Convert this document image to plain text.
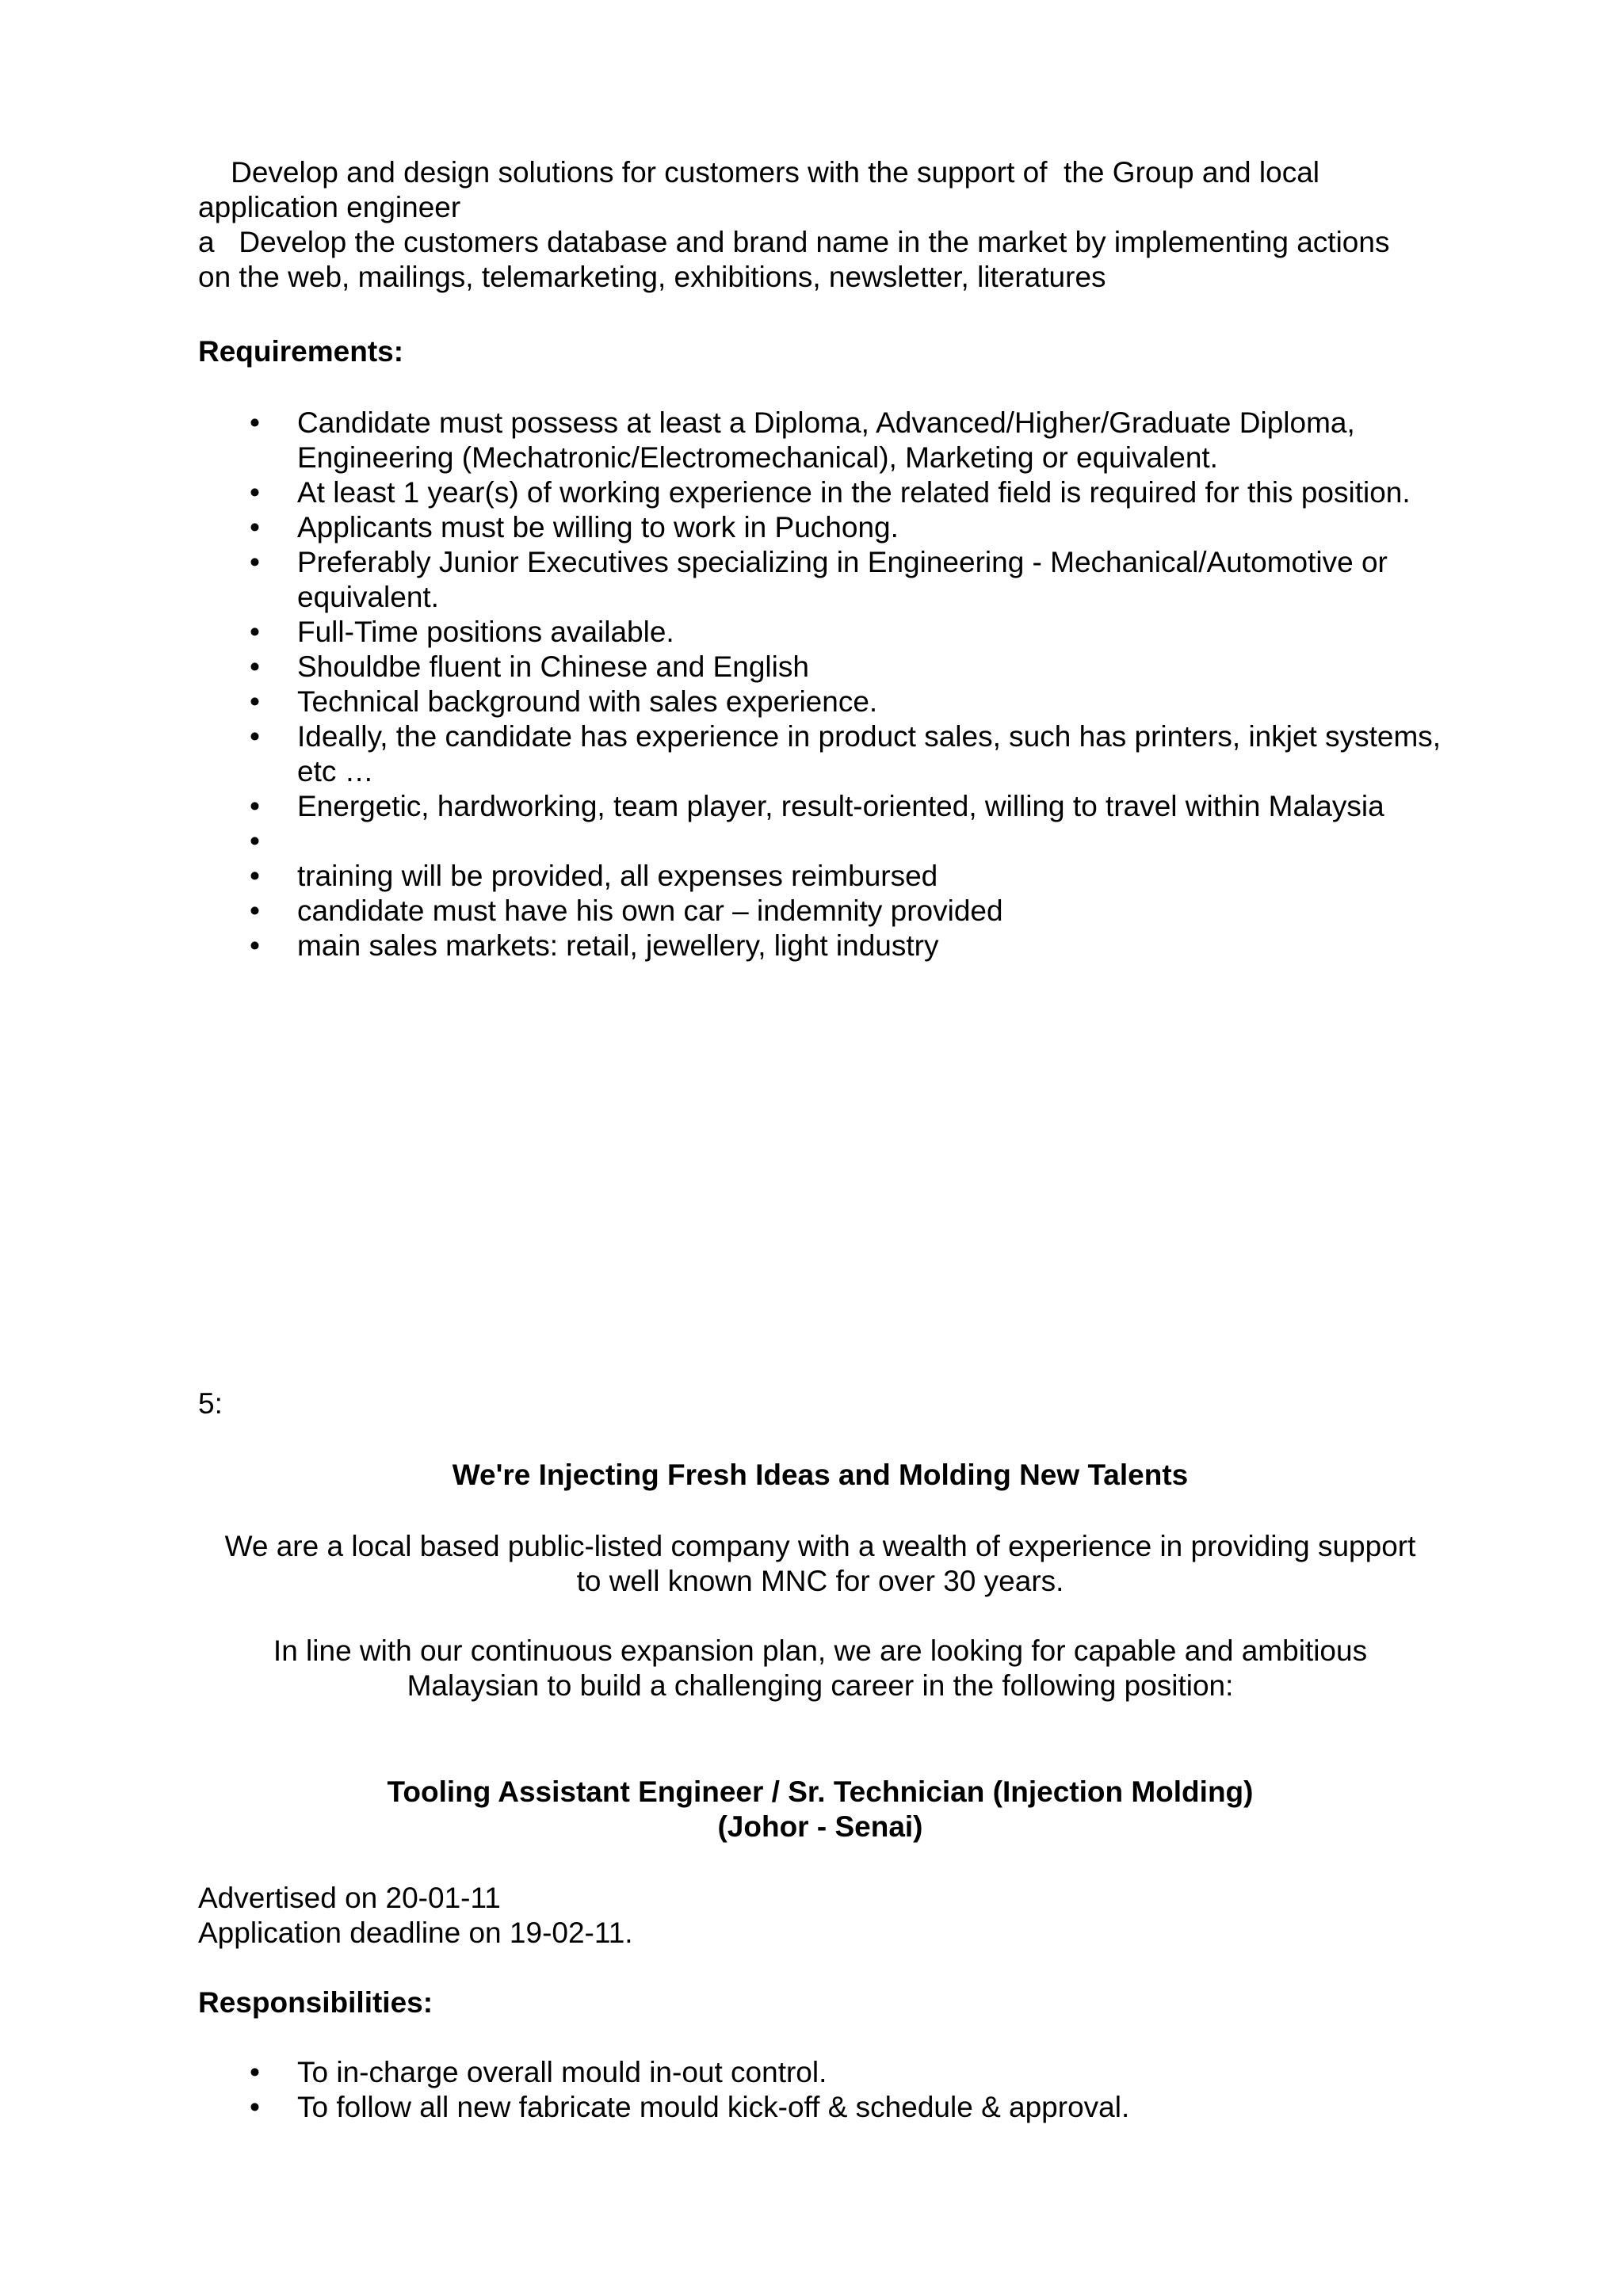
Develop and design solutions for customers with the support of  the Group and local
application engineer
a   Develop the customers database and brand name in the market by implementing actions
on the web, mailings, telemarketing, exhibitions, newsletter, literatures
Requirements:
• Candidate must possess at least a Diploma, Advanced/Higher/Graduate Diploma, Engineering (Mechatronic/Electromechanical), Marketing or equivalent.
• At least 1 year(s) of working experience in the related field is required for this position.
• Applicants must be willing to work in Puchong.
• Preferably Junior Executives specializing in Engineering - Mechanical/Automotive or equivalent.
• Full-Time positions available.
• Shouldbe fluent in Chinese and English
• Technical background with sales experience.
• Ideally, the candidate has experience in product sales, such has printers, inkjet systems, etc …
• Energetic, hardworking, team player, result-oriented, willing to travel within Malaysia
•
• training will be provided, all expenses reimbursed
• candidate must have his own car – indemnity provided
• main sales markets: retail, jewellery, light industry
5:
We're Injecting Fresh Ideas and Molding New Talents
We are a local based public-listed company with a wealth of experience in providing support
to well known MNC for over 30 years.
In line with our continuous expansion plan, we are looking for capable and ambitious
Malaysian to build a challenging career in the following position:
Tooling Assistant Engineer / Sr. Technician (Injection Molding)
(Johor - Senai)
Advertised on 20-01-11
Application deadline on 19-02-11.
Responsibilities:
• To in-charge overall mould in-out control.
• To follow all new fabricate mould kick-off & schedule & approval.
